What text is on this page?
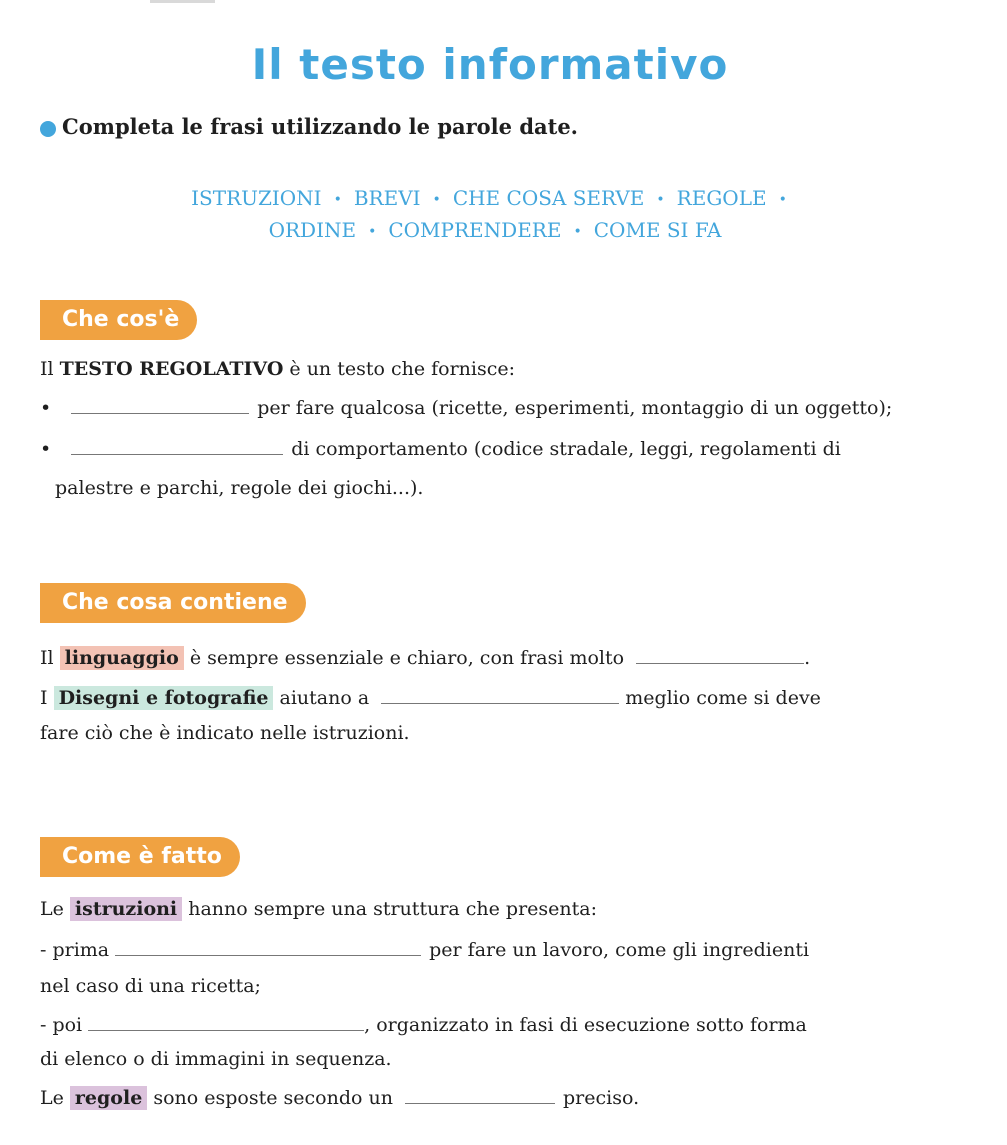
Il testo informativo
Completa le frasi utilizzando le parole date.
ISTRUZIONI • BREVI • CHE COSA SERVE • REGOLE •
ORDINE • COMPRENDERE • COME SI FA
Che cos'è
Il TESTO REGOLATIVO è un testo che fornisce:
•	per fare qualcosa (ricette, esperimenti, montaggio di un oggetto);
•	di comportamento (codice stradale, leggi, regolamenti di
palestre e parchi, regole dei giochi...).
Che cosa contiene
Il linguaggio è sempre essenziale e chiaro, con frasi molto	.
I Disegni e fotografie aiutano a	meglio come si deve
fare ciò che è indicato nelle istruzioni.
Come è fatto
Le istruzioni hanno sempre una struttura che presenta:
- prima	per fare un lavoro, come gli ingredienti
nel caso di una ricetta;
- poi	, organizzato in fasi di esecuzione sotto forma
di elenco o di immagini in sequenza.
Le regole sono esposte secondo un	preciso.
